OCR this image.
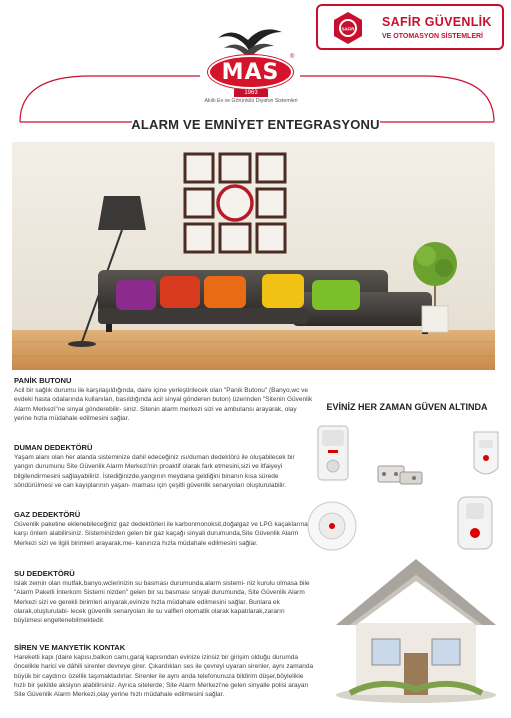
SAFIR SAFİR GÜVENLİK
VE OTOMASYON SİSTEMLERİ
MAS
®
1963
Akıllı Ev ve Görüntülü Diyafon Sistemleri
ALARM VE EMNİYET ENTEGRASYONU
PANİK BUTONU
Acil bir sağlık durumu ile karşılaşıldığında, daire içine yerleştirilecek olan "Panik Butonu" (Banyo,wc ve evdeki hasta odalarında kullanılan, basıldığında acil sinyal gönderen buton) üzerinden "Sitenin Güvenlik Alarm Merkezi"ne sinyal gönderebilir- siniz. Sitenin alarm merkezi sizi ve ambulansı arayarak, olay yerine hızla müdahale edilmesini sağlar.
DUMAN DEDEKTÖRÜ
Yaşam alanı olan her alanda sisteminize dahil edeceğiniz ısı/duman dedektörü ile oluşabilecek bir yangın durumunu Site Güvenlik Alarm Merkezi'nin proaktif olarak fark etmesini,sizi ve itfaiyeyi bilgilendirmesini sağlayabiliriz. İstediğinizde,yangının meydana geldiğini binanın kısa sürede söndürülmesi ve can kayıplarının yaşan- maması için çeşitli güvenlik senaryoları oluşturulabilir.
GAZ DEDEKTÖRÜ
Güvenlik paketine eklenebileceğiniz gaz dedektörleri ile karbonmonoksit,doğalgaz ve LPG kaçaklarına karşı önlem alabilirsiniz. Sisteminizden gelen bir gaz kaçağı sinyali durumunda,Site Güvenlik Alarm Merkezi sizi ve ilgili birimleri arayarak,me- kanınıza hızla müdahale edilmesini sağlar.
SU DEDEKTÖRÜ
Islak zemin olan mutfak,banyo,wclerinizin su basması durumunda,alarm sistemi- niz kurulu olmasa bile "Alarm Paketli İnterkom Sistemi nizden" gelen bir su basması sinyali durumunda, Site Güvenlik Alarm Merkezi sizi ve gerekli birimleri arıyarak,evinize hızla müdahale edilmesini sağlar. Bunlara ek olarak,oluşturulabi- lecek güvenlik senaryoları ile su valfleri otomatik olarak kapatılarak,zararın büyümesi engellenebilmektedir.
SİREN VE MANYETİK KONTAK
Hareketli kapı (daire kapısı,balkon camı,garaj kapısından evinize izinsiz bir girişim olduğu durumda öncelikle harici ve dâhili sirenler devreye girer. Çıkardıkları ses ile çevreyi uyaran sirenler, aynı zamanda büyük bir caydırıcı özellik taşımaktadırlar. Sirenler ile aynı anda telefonunuza bildirim düşer,böylelikle hızlı bir şekilde aksiyon alabilirsiniz. Ayrıca sitelerde; Site Alarm Merkezi'ne gelen sinyalle polisi arayan Site Güvenlik Alarm Merkezi,olay yerine hızlı müdahale edilmesini sağlar.
EVİNİZ HER ZAMAN GÜVEN ALTINDA
